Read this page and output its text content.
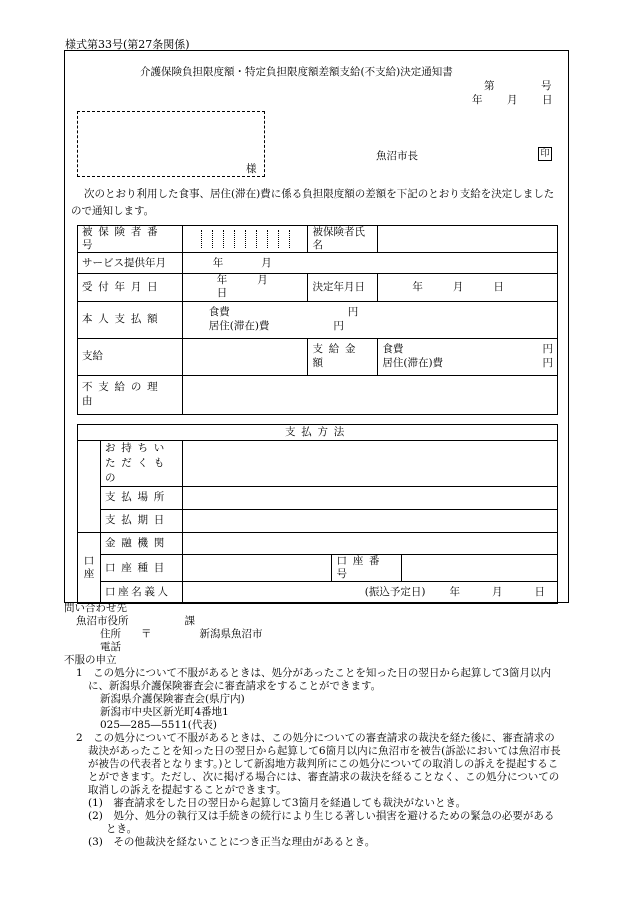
様式第33号(第27条関係)
介護保険負担限度額・特定負担限度額差額支給(不支給)決定通知書
第	号
年 月 日
様
魚沼市長	印
次のとおり利用した食事、居住(滞在)費に係る負担限度額の差額を下記のとおり支給を決定しましたので通知します。
被保険者番号		被保険者氏名	
サービス提供年月	年 月		
受付年月日	年 月日	決定年月日	年 月 日
本人支払額	食費 円
居住(滞在)費 円		

支給		支給金額	食費 円
居住(滞在)費 円

不支給の理由			
支払方法				
	お持ちいただくもの			
	支払場所			
	支払期日			
口座	金融機関			
	口座種目		口座番号	
	口座名義人	(振込予定日) 年 月 日		

問い合わせ先

魚沼市役所	課

住所 〒	新潟県魚沼市

電話

不服の申立

1　この処分について不服があるときは、処分があったことを知った日の翌日から起算して3箇月以内に、新潟県介護保険審査会に審査請求をすることができます。

新潟県介護保険審査会(県庁内)

新潟市中央区新光町4番地1

025―285―5511(代表)

2　この処分について不服があるときは、この処分についての審査請求の裁決を経た後に、審査請求の裁決があったことを知った日の翌日から起算して6箇月以内に魚沼市を被告(訴訟においては魚沼市長が被告の代表者となります。)として新潟地方裁判所にこの処分についての取消しの訴えを提起することができます。ただし、次に掲げる場合には、審査請求の裁決を経ることなく、この処分についての取消しの訴えを提起することができます。

(1)　審査請求をした日の翌日から起算して3箇月を経過しても裁決がないとき。

(2)　処分、処分の執行又は手続きの続行により生じる著しい損害を避けるための緊急の必要があるとき。

(3)　その他裁決を経ないことにつき正当な理由があるとき。
